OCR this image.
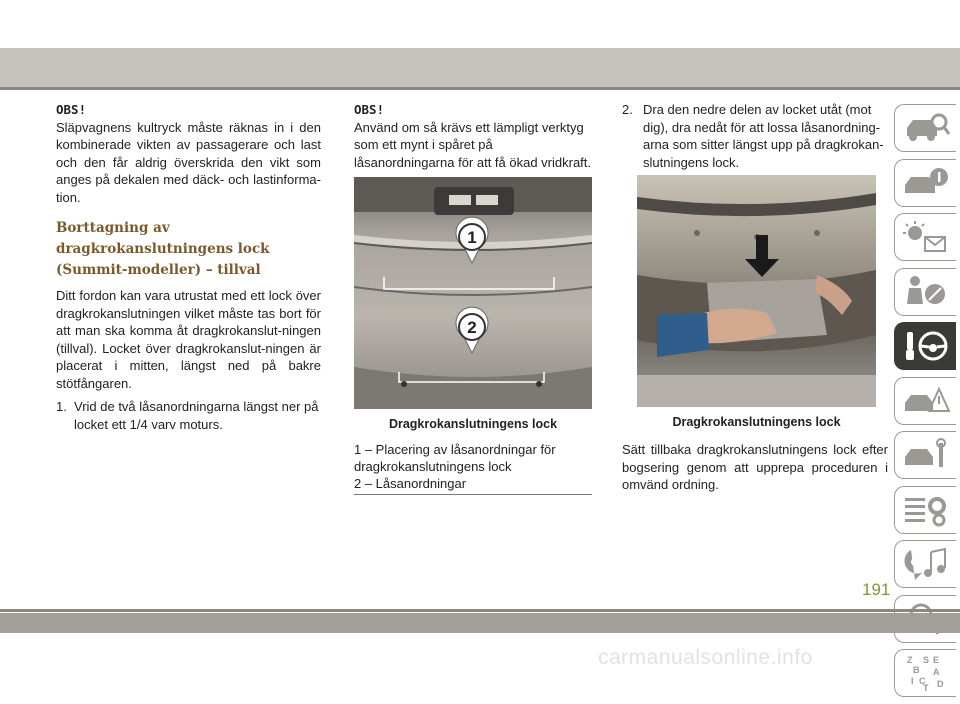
OBS!
Släpvagnens kultryck måste räknas in i den kombinerade vikten av passagerare och last och den får aldrig överskrida den vikt som anges på dekalen med däck- och lastinforma-tion.
Borttagning av dragkrokanslutningens lock (Summit-modeller) – tillval
Ditt fordon kan vara utrustat med ett lock över dragkrokanslutningen vilket måste tas bort för att man ska komma åt dragkrokanslut-ningen (tillval). Locket över dragkrokanslut-ningen är placerat i mitten, längst ned på bakre stötfångaren.
1. Vrid de två låsanordningarna längst ner på locket ett 1/4 varv moturs.
OBS!
Använd om så krävs ett lämpligt verktyg som ett mynt i spåret på låsanordningarna för att få ökad vridkraft.
1
2
Dragkrokanslutningens lock
1 – Placering av låsanordningar för dragkrokanslutningens lock
2 – Låsanordningar
2. Dra den nedre delen av locket utåt (mot dig), dra nedåt för att lossa låsanordning-arna som sitter längst upp på dragkrokan-slutningens lock.
Dragkrokanslutningens lock
Sätt tillbaka dragkrokanslutningens lock efter bogsering genom att upprepa proceduren i omvänd ordning.
Z
B
S
I C
E
A
T D
191
carmanualsonline.info
